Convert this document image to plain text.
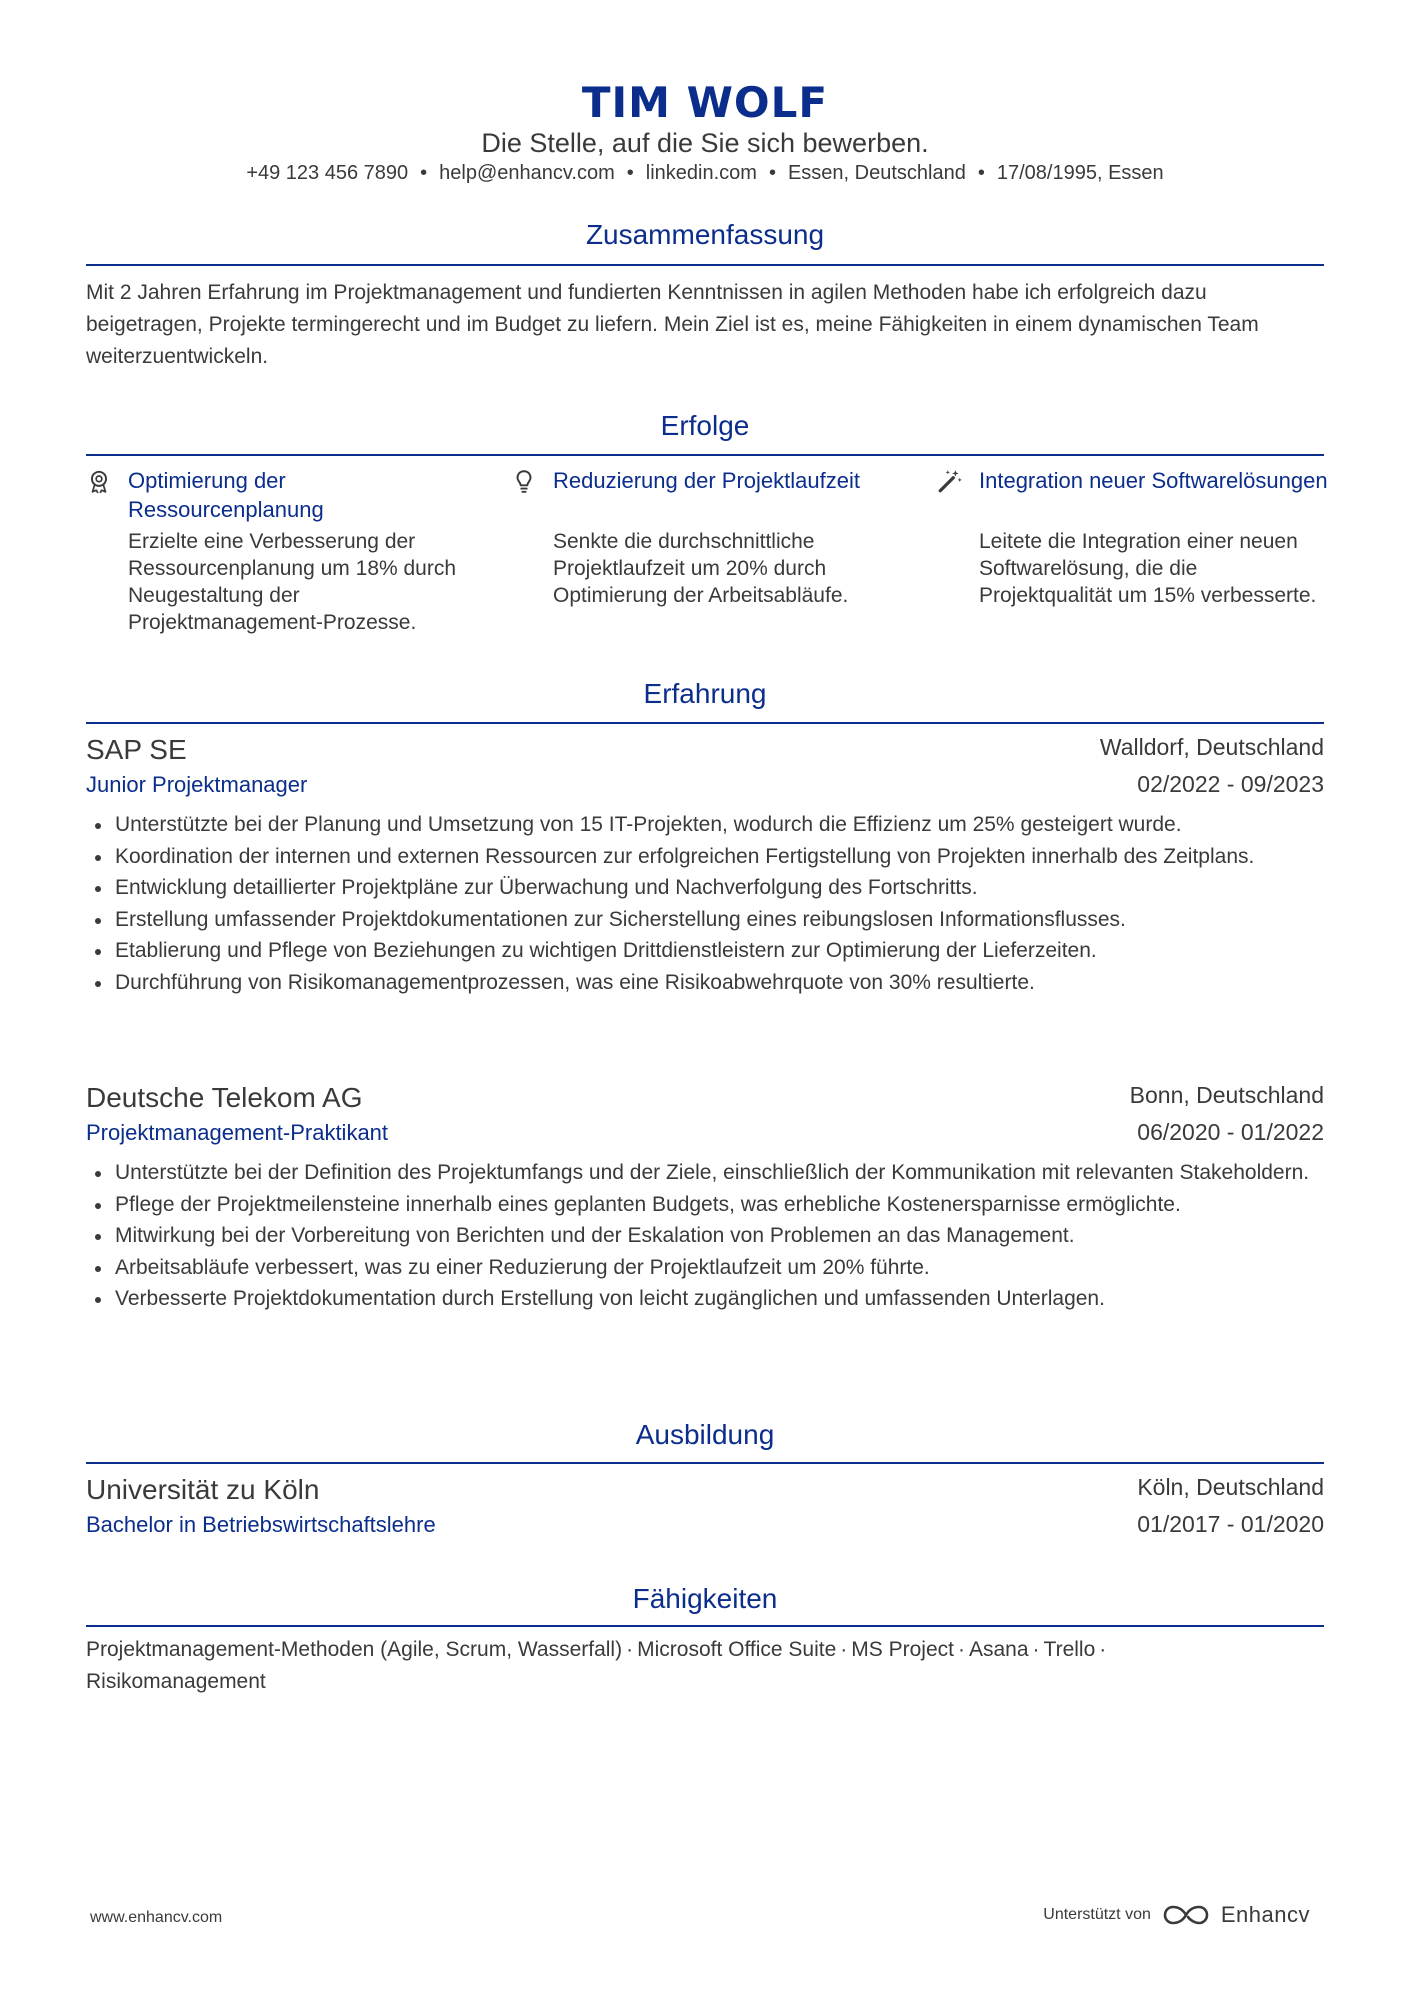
TIM WOLF
Die Stelle, auf die Sie sich bewerben.
+49 123 456 7890 • help@enhancv.com • linkedin.com • Essen, Deutschland • 17/08/1995, Essen
Zusammenfassung
Mit 2 Jahren Erfahrung im Projektmanagement und fundierten Kenntnissen in agilen Methoden habe ich erfolgreich dazu beigetragen, Projekte termingerecht und im Budget zu liefern. Mein Ziel ist es, meine Fähigkeiten in einem dynamischen Team weiterzuentwickeln.
Erfolge
Optimierung der Ressourcenplanung
Erzielte eine Verbesserung der Ressourcenplanung um 18% durch Neugestaltung der Projektmanagement-Prozesse.
Reduzierung der Projektlaufzeit
Senkte die durchschnittliche Projektlaufzeit um 20% durch Optimierung der Arbeitsabläufe.
Integration neuer Softwarelösungen
Leitete die Integration einer neuen Softwarelösung, die die Projektqualität um 15% verbesserte.
Erfahrung
SAP SE	Walldorf, Deutschland
Junior Projektmanager	02/2022 - 09/2023
Unterstützte bei der Planung und Umsetzung von 15 IT-Projekten, wodurch die Effizienz um 25% gesteigert wurde.
Koordination der internen und externen Ressourcen zur erfolgreichen Fertigstellung von Projekten innerhalb des Zeitplans.
Entwicklung detaillierter Projektpläne zur Überwachung und Nachverfolgung des Fortschritts.
Erstellung umfassender Projektdokumentationen zur Sicherstellung eines reibungslosen Informationsflusses.
Etablierung und Pflege von Beziehungen zu wichtigen Drittdienstleistern zur Optimierung der Lieferzeiten.
Durchführung von Risikomanagementprozessen, was eine Risikoabwehrquote von 30% resultierte.
Deutsche Telekom AG	Bonn, Deutschland
Projektmanagement-Praktikant	06/2020 - 01/2022
Unterstützte bei der Definition des Projektumfangs und der Ziele, einschließlich der Kommunikation mit relevanten Stakeholdern.
Pflege der Projektmeilensteine innerhalb eines geplanten Budgets, was erhebliche Kostenersparnisse ermöglichte.
Mitwirkung bei der Vorbereitung von Berichten und der Eskalation von Problemen an das Management.
Arbeitsabläufe verbessert, was zu einer Reduzierung der Projektlaufzeit um 20% führte.
Verbesserte Projektdokumentation durch Erstellung von leicht zugänglichen und umfassenden Unterlagen.
Ausbildung
Universität zu Köln	Köln, Deutschland
Bachelor in Betriebswirtschaftslehre	01/2017 - 01/2020
Fähigkeiten
Projektmanagement-Methoden (Agile, Scrum, Wasserfall) · Microsoft Office Suite · MS Project · Asana · Trello ·
Risikomanagement
www.enhancv.com	Unterstützt von	Enhancv
